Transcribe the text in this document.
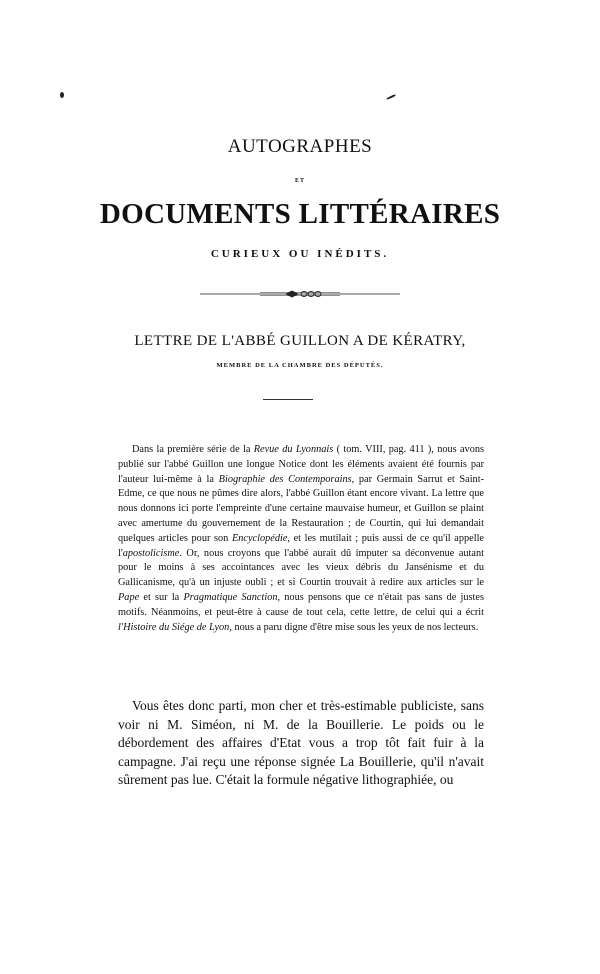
AUTOGRAPHES
ET
DOCUMENTS LITTÉRAIRES
CURIEUX OU INÉDITS.
LETTRE DE L'ABBÉ GUILLON A DE KÉRATRY,
MEMBRE DE LA CHAMBRE DES DÉPUTÉS.

Dans la première série de la Revue du Lyonnais ( tom. VIII, pag. 411 ), nous avons publié sur l'abbé Guillon une longue Notice dont les éléments avaient été fournis par l'auteur lui-même à la Biographie des Contemporains, par Germain Sarrut et Saint-Edme, ce que nous ne pûmes dire alors, l'abbé Guillon étant encore vivant. La lettre que nous donnons ici porte l'empreinte d'une certaine mauvaise humeur, et Guillon se plaint avec amertume du gouvernement de la Restauration ; de Courtin, qui lui demandait quelques articles pour son Encyclopédie, et les mutilait ; puis aussi de ce qu'il appelle l'apostolicisme. Or, nous croyons que l'abbé aurait dû imputer sa déconvenue autant pour le moins à ses accointances avec les vieux débris du Jansénisme et du Gallicanisme, qu'à un injuste oubli ; et si Courtin trouvait à redire aux articles sur le Pape et sur la Pragmatique Sanction, nous pensons que ce n'était pas sans de justes motifs. Néanmoins, et peut-être à cause de tout cela, cette lettre, de celui qui a écrit l'Histoire du Siége de Lyon, nous a paru digne d'être mise sous les yeux de nos lecteurs.

Vous êtes donc parti, mon cher et très-estimable publiciste, sans voir ni M. Siméon, ni M. de la Bouillerie. Le poids ou le débordement des affaires d'Etat vous a trop tôt fait fuir à la campagne. J'ai reçu une réponse signée La Bouillerie, qu'il n'avait sûrement pas lue. C'était la formule négative lithographiée, ou
